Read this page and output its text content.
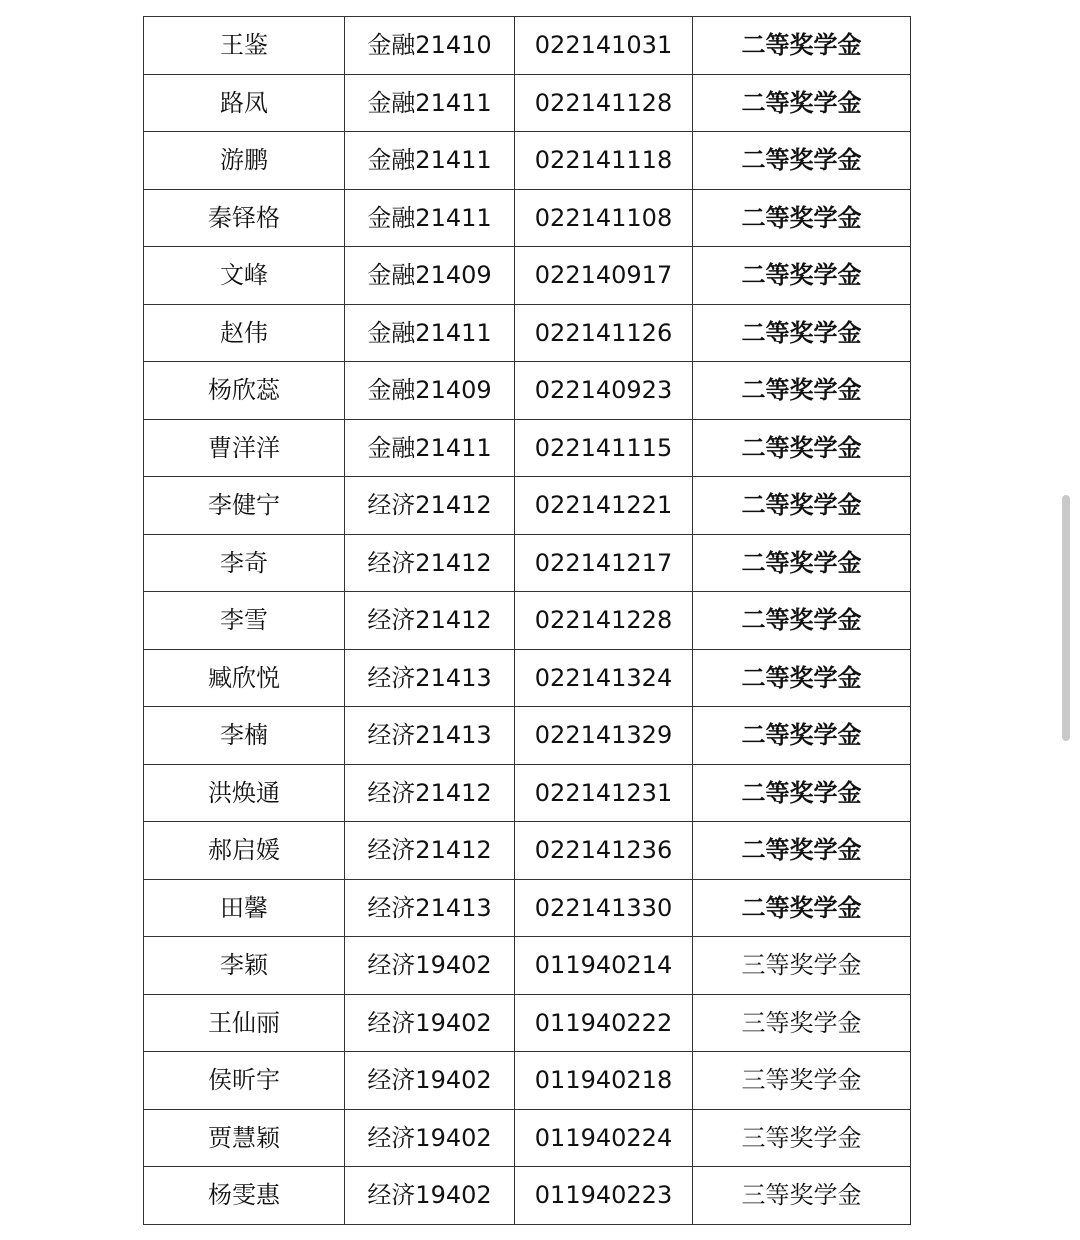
王鉴	金融21410	022141031	二等奖学金
路凤	金融21411	022141128	二等奖学金
游鹏	金融21411	022141118	二等奖学金
秦铎格	金融21411	022141108	二等奖学金
文峰	金融21409	022140917	二等奖学金
赵伟	金融21411	022141126	二等奖学金
杨欣蕊	金融21409	022140923	二等奖学金
曹洋洋	金融21411	022141115	二等奖学金
李健宁	经济21412	022141221	二等奖学金
李奇	经济21412	022141217	二等奖学金
李雪	经济21412	022141228	二等奖学金
臧欣悦	经济21413	022141324	二等奖学金
李楠	经济21413	022141329	二等奖学金
洪焕通	经济21412	022141231	二等奖学金
郝启媛	经济21412	022141236	二等奖学金
田馨	经济21413	022141330	二等奖学金
李颖	经济19402	011940214	三等奖学金
王仙丽	经济19402	011940222	三等奖学金
侯昕宇	经济19402	011940218	三等奖学金
贾慧颖	经济19402	011940224	三等奖学金
杨雯惠	经济19402	011940223	三等奖学金
